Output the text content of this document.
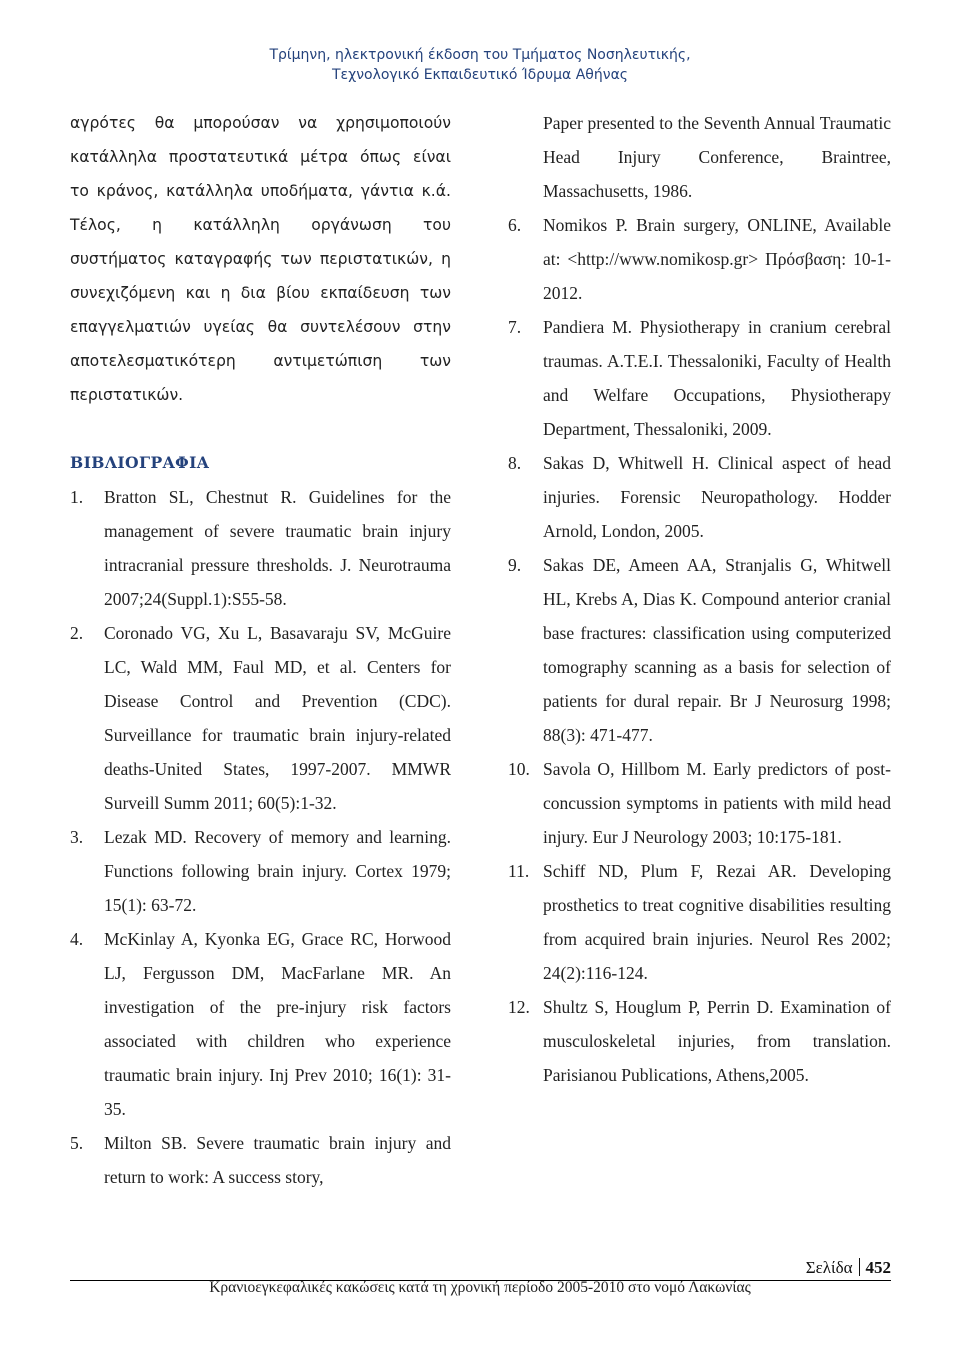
Τρίμηνη, ηλεκτρονική έκδοση του Τμήματος Νοσηλευτικής,
Τεχνολογικό Εκπαιδευτικό Ίδρυμα Αθήνας

αγρότες θα μπορούσαν να χρησιμοποιούν κατάλληλα προστατευτικά μέτρα όπως είναι το κράνος, κατάλληλα υποδήματα, γάντια κ.ά. Τέλος, η κατάλληλη οργάνωση του συστήματος καταγραφής των περιστατικών, η συνεχιζόμενη και η δια βίου εκπαίδευση των επαγγελματιών υγείας θα συντελέσουν στην αποτελεσματικότερη αντιμετώπιση των περιστατικών.

ΒΙΒΛΙΟΓΡΑΦΙΑ
1. Bratton SL, Chestnut R. Guidelines for the management of severe traumatic brain injury intracranial pressure thresholds. J. Neurotrauma 2007;24(Suppl.1):S55-58.
2. Coronado VG, Xu L, Basavaraju SV, McGuire LC, Wald MM, Faul MD, et al. Centers for Disease Control and Prevention (CDC). Surveillance for traumatic brain injury-related deaths-United States, 1997-2007. MMWR Surveill Summ 2011; 60(5):1-32.
3. Lezak MD. Recovery of memory and learning. Functions following brain injury. Cortex 1979; 15(1): 63-72.
4. McKinlay A, Kyonka EG, Grace RC, Horwood LJ, Fergusson DM, MacFarlane MR. An investigation of the pre-injury risk factors associated with children who experience traumatic brain injury. Inj Prev 2010; 16(1): 31-35.
5. Milton SB. Severe traumatic brain injury and return to work: A success story,
Paper presented to the Seventh Annual Traumatic Head Injury Conference, Braintree, Massachusetts, 1986.
6. Nomikos P. Brain surgery, ONLINE, Available at: <http://www.nomikosp.gr> Πρόσβαση: 10-1-2012.
7. Pandiera M. Physiotherapy in cranium cerebral traumas. A.T.E.I. Thessaloniki, Faculty of Health and Welfare Occupations, Physiotherapy Department, Thessaloniki, 2009.
8. Sakas D, Whitwell H. Clinical aspect of head injuries. Forensic Neuropathology. Hodder Arnold, London, 2005.
9. Sakas DE, Ameen AA, Stranjalis G, Whitwell HL, Krebs A, Dias K. Compound anterior cranial base fractures: classification using computerized tomography scanning as a basis for selection of patients for dural repair. Br J Neurosurg 1998; 88(3): 471-477.
10. Savola O, Hillbom M. Early predictors of post-concussion symptoms in patients with mild head injury. Eur J Neurology 2003; 10:175-181.
11. Schiff ND, Plum F, Rezai AR. Developing prosthetics to treat cognitive disabilities resulting from acquired brain injuries. Neurol Res 2002; 24(2):116-124.
12. Shultz S, Houglum P, Perrin D. Examination of musculoskeletal injuries, from translation. Parisianou Publications, Athens,2005.
Σελίδα 452
Κρανιοεγκεφαλικές κακώσεις κατά τη χρονική περίοδο 2005-2010 στο νομό Λακωνίας
